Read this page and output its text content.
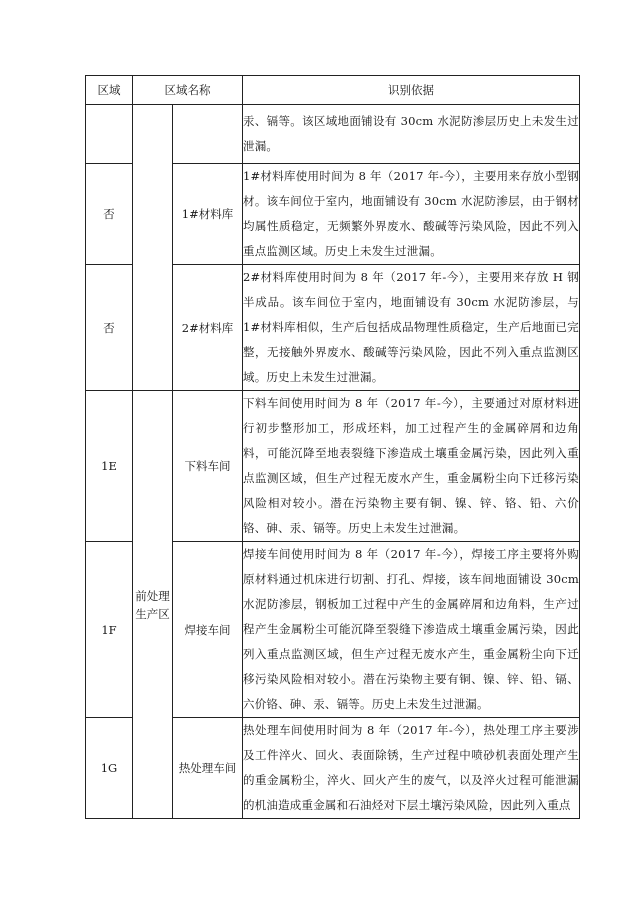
区域	区域名称		识别依据
			汞、镉等。该区域地面铺设有 30cm 水泥防渗层历史上未发生过泄漏。
否		1#材料库	1#材料库使用时间为 8 年（2017 年-今），主要用来存放小型钢材。该车间位于室内，地面铺设有 30cm 水泥防渗层，由于钢材均属性质稳定，无频繁外界废水、酸碱等污染风险，因此不列入重点监测区域。历史上未发生过泄漏。
否		2#材料库	2#材料库使用时间为 8 年（2017 年-今），主要用来存放 H 钢半成品。该车间位于室内，地面铺设有 30cm 水泥防渗层，与 1#材料库相似，生产后包括成品物理性质稳定，生产后地面已完整，无接触外界废水、酸碱等污染风险，因此不列入重点监测区域。历史上未发生过泄漏。
1E	前处理生产区	下料车间	下料车间使用时间为 8 年（2017 年-今），主要通过对原材料进行初步整形加工，形成坯料，加工过程产生的金属碎屑和边角料，可能沉降至地表裂缝下渗造成土壤重金属污染，因此列入重点监测区域，但生产过程无废水产生，重金属粉尘向下迁移污染风险相对较小。潜在污染物主要有铜、镍、锌、铬、铅、六价铬、砷、汞、镉等。历史上未发生过泄漏。
1F		焊接车间	焊接车间使用时间为 8 年（2017 年-今），焊接工序主要将外购原材料通过机床进行切割、打孔、焊接，该车间地面铺设 30cm 水泥防渗层，钢板加工过程中产生的金属碎屑和边角料，生产过程产生金属粉尘可能沉降至裂缝下渗造成土壤重金属污染，因此列入重点监测区域，但生产过程无废水产生，重金属粉尘向下迁移污染风险相对较小。潜在污染物主要有铜、镍、锌、铅、镉、六价铬、砷、汞、镉等。历史上未发生过泄漏。
1G		热处理车间	热处理车间使用时间为 8 年（2017 年-今），热处理工序主要涉及工件淬火、回火、表面除锈，生产过程中喷砂机表面处理产生的重金属粉尘，淬火、回火产生的废气，以及淬火过程可能泄漏的机油造成重金属和石油烃对下层土壤污染风险，因此列入重点
